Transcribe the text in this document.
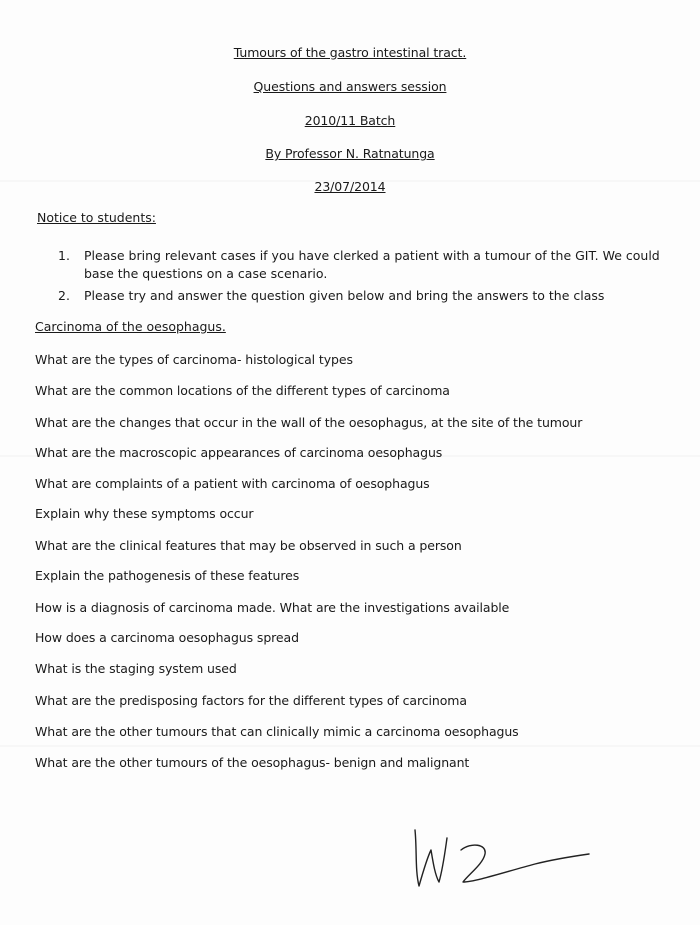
Tumours of the gastro intestinal tract.
Questions and answers session
2010/11 Batch
By Professor N. Ratnatunga
23/07/2014
Notice to students:
1.	Please bring relevant cases if you have clerked a patient with a tumour of the GIT. We could base the questions on a case scenario.
2.	Please try and answer the question given below and bring the answers to the class
Carcinoma of the oesophagus.
What are the types of carcinoma- histological types
What are the common locations of the different types of carcinoma
What are the changes that occur in the wall of the oesophagus, at the site of the tumour
What are the macroscopic appearances of carcinoma oesophagus
What are complaints of a patient with carcinoma of oesophagus
Explain why these symptoms occur
What are the clinical features that may be observed in such a person
Explain the pathogenesis of these features
How is a diagnosis of carcinoma made. What are the investigations available
How does a carcinoma oesophagus spread
What is the staging system used
What are the predisposing factors for the different types of carcinoma
What are the other tumours that can clinically mimic a carcinoma oesophagus
What are the other tumours of the oesophagus- benign and malignant
